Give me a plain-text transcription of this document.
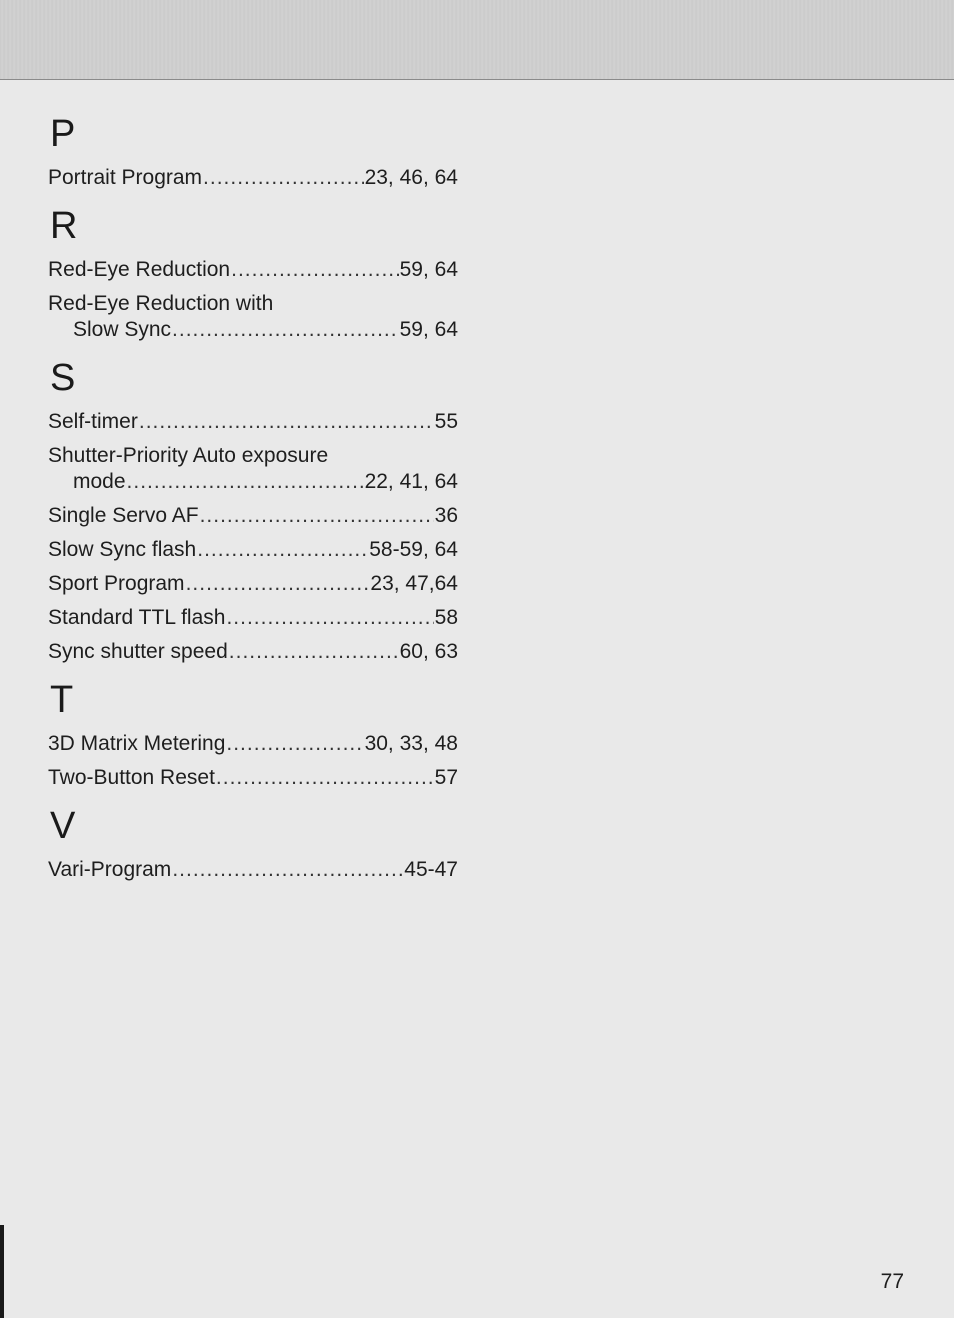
P
Portrait Program .....	23, 46, 64
R
Red-Eye Reduction .....	59, 64
Red-Eye Reduction with
Slow Sync .....	59, 64
S
Self-timer .....	55
Shutter-Priority Auto exposure
mode .....	22, 41, 64
Single Servo AF .....	36
Slow Sync flash .....	58-59, 64
Sport Program .....	23, 47,64
Standard TTL flash .....	58
Sync shutter speed .....	60, 63
T
3D Matrix Metering .....	30, 33, 48
Two-Button Reset .....	57
V
Vari-Program .....	45-47
77
